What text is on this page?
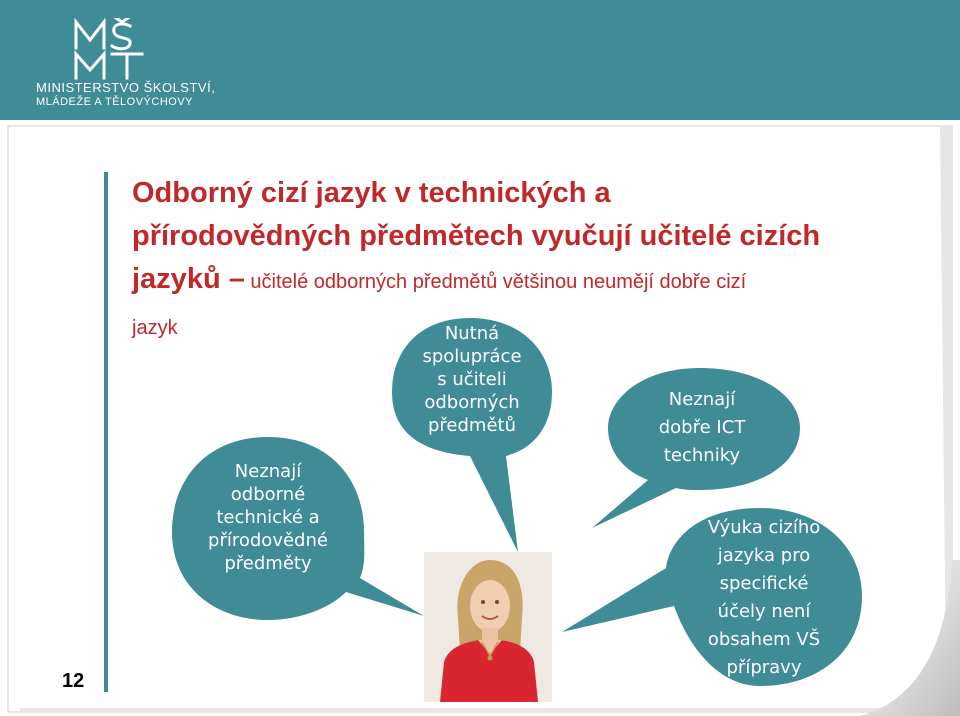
MINISTERSTVO ŠKOLSTVÍ,
MLÁDEŽE A TĚLOVÝCHOVY
Odborný cizí jazyk v technických a
přírodovědných předmětech vyučují učitelé cizích
jazyků – učitelé odborných předmětů většinou neumějí dobře cizí
jazyk
Neznají
odborné
technické a
přírodovědné
předměty
Nutná
spolupráce
s učiteli
odborných
předmětů
Neznají
dobře ICT
techniky
Výuka cizího
jazyka pro
specifické
účely není
obsahem VŠ
přípravy
12
